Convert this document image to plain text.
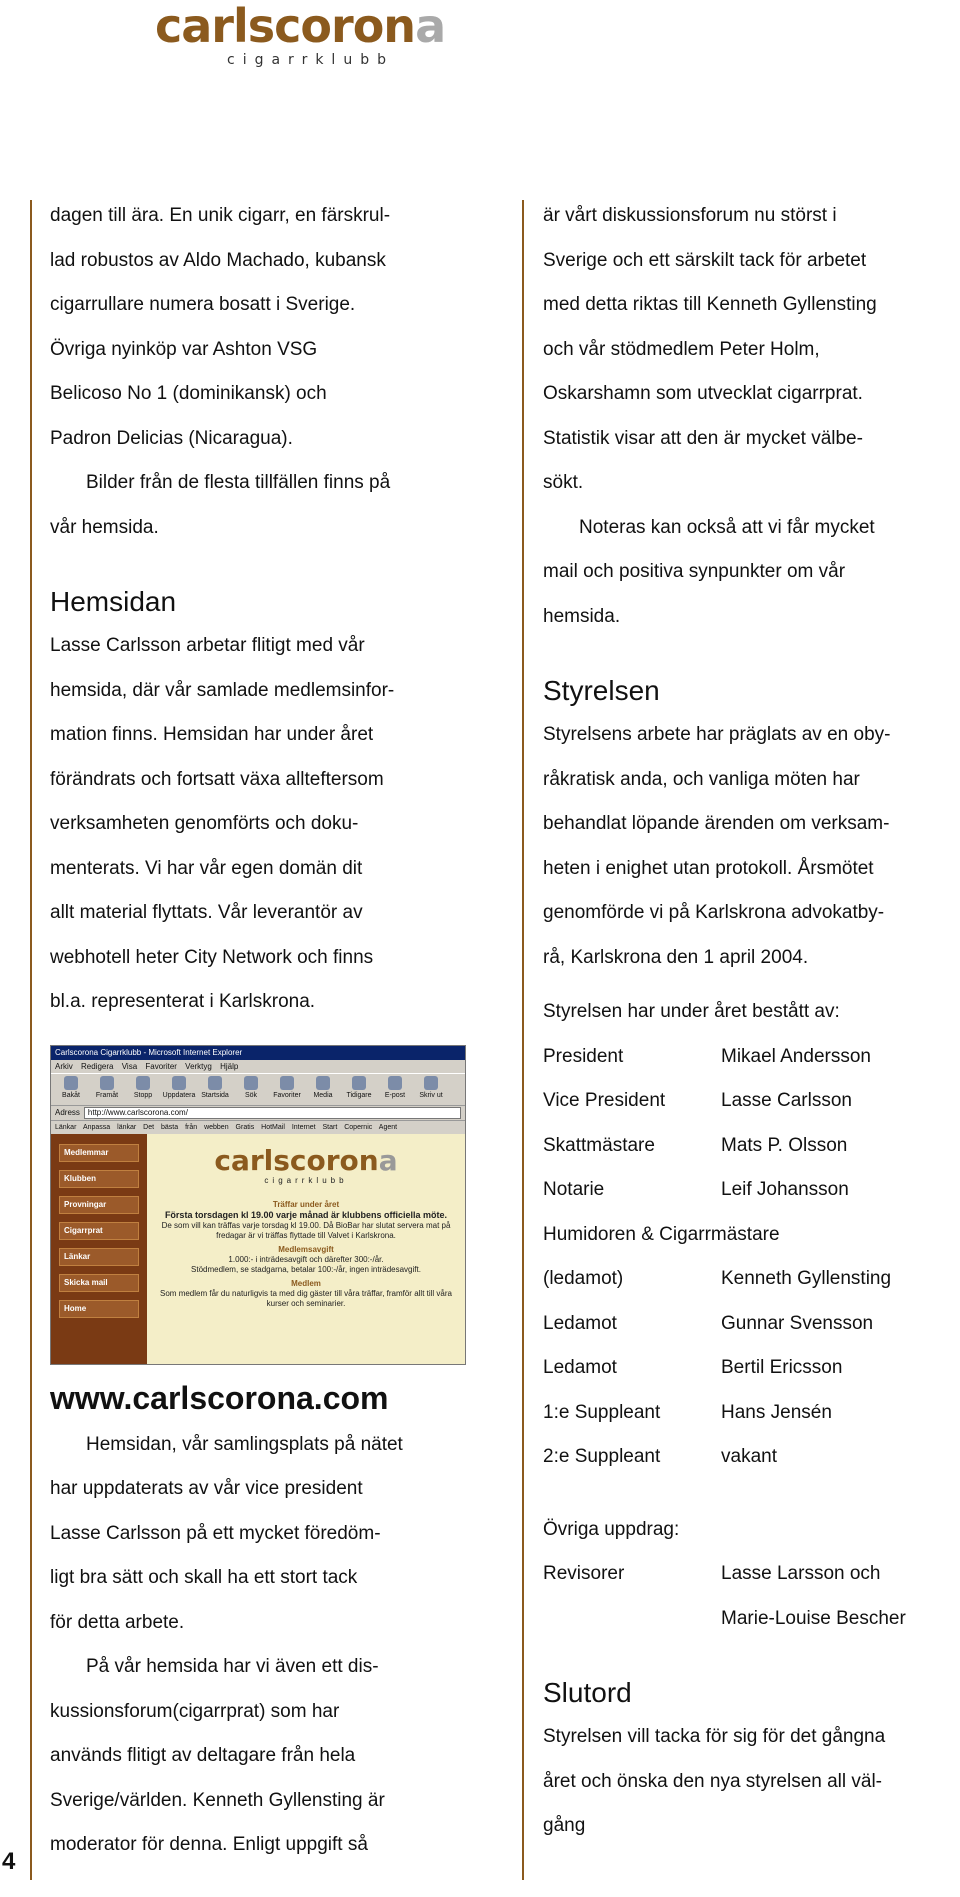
carlscorona
cigarrklubb
4

dagen till ära. En unik cigarr, en färskrul-

lad robustos av Aldo Machado, kubansk

cigarrullare numera bosatt i Sverige.

Övriga nyinköp var Ashton VSG

Belicoso No 1 (dominikansk) och

Padron Delicias (Nicaragua).

Bilder från de flesta tillfällen finns på

vår hemsida.

Hemsidan

Lasse Carlsson arbetar flitigt med vår

hemsida, där vår samlade medlemsinfor-

mation finns. Hemsidan har under året

förändrats och fortsatt växa allteftersom

verksamheten genomförts och doku-

menterats. Vi har vår egen domän dit

allt material flyttats. Vår leverantör av

webhotell heter City Network och finns

bl.a. representerat i Karlskrona.

Carlscorona Cigarrklubb - Microsoft Internet Explorer
Arkiv Redigera Visa Favoriter Verktyg Hjälp
Bakåt Framåt Stopp Uppdatera Startsida Sök Favoriter Media Tidigare E-post Skriv ut
Adress	http://www.carlscorona.com/
Länkar Anpassa länkar Det bästa från webben Gratis HotMail Internet Start Copernic Agent
Medlemmar
Klubben
Provningar
Cigarrprat
Länkar
Skicka mail
Home
carlscorona
cigarrklubb
Träffar under året
Första torsdagen kl 19.00 varje månad är klubbens officiella möte.
De som vill kan träffas varje torsdag kl 19.00. Då BioBar har slutat servera mat på fredagar är vi träffas flyttade till Valvet i Karlskrona.
Medlemsavgift
1.000:- i inträdesavgift och därefter 300:-/år.
Stödmedlem, se stadgarna, betalar 100:-/år, ingen inträdesavgift.
Medlem
Som medlem får du naturligvis ta med dig gäster till våra träffar, framför allt till våra kurser och seminarier.
www.carlscorona.com

Hemsidan, vår samlingsplats på nätet

har uppdaterats av vår vice president

Lasse Carlsson på ett mycket föredöm-

ligt bra sätt och skall ha ett stort tack

för detta arbete.

På vår hemsida har vi även ett dis-

kussionsforum(cigarrprat) som har

används flitigt av deltagare från hela

Sverige/världen. Kenneth Gyllensting är

moderator för denna. Enligt uppgift så

är vårt diskussionsforum nu störst i

Sverige och ett särskilt tack för arbetet

med detta riktas till Kenneth Gyllensting

och vår stödmedlem Peter Holm,

Oskarshamn som utvecklat cigarrprat.

Statistik visar att den är mycket välbe-

sökt.

Noteras kan också att vi får mycket

mail och positiva synpunkter om vår

hemsida.

Styrelsen

Styrelsens arbete har präglats av en oby-

råkratisk anda, och vanliga möten har

behandlat löpande ärenden om verksam-

heten i enighet utan protokoll. Årsmötet

genomförde vi på Karlskrona advokatby-

rå, Karlskrona den 1 april 2004.

Styrelsen har under året bestått av:

President	Mikael Andersson
Vice President	Lasse Carlsson
Skattmästare	Mats P. Olsson
Notarie	Leif Johansson

Humidoren & Cigarrmästare

(ledamot)	Kenneth Gyllensting
Ledamot	Gunnar Svensson
Ledamot	Bertil Ericsson
1:e Suppleant	Hans Jensén
2:e Suppleant	vakant

Övriga uppdrag:

Revisorer	Lasse Larsson och
Marie-Louise Bescher
Slutord

Styrelsen vill tacka för sig för det gångna

året och önska den nya styrelsen all väl-

gång
